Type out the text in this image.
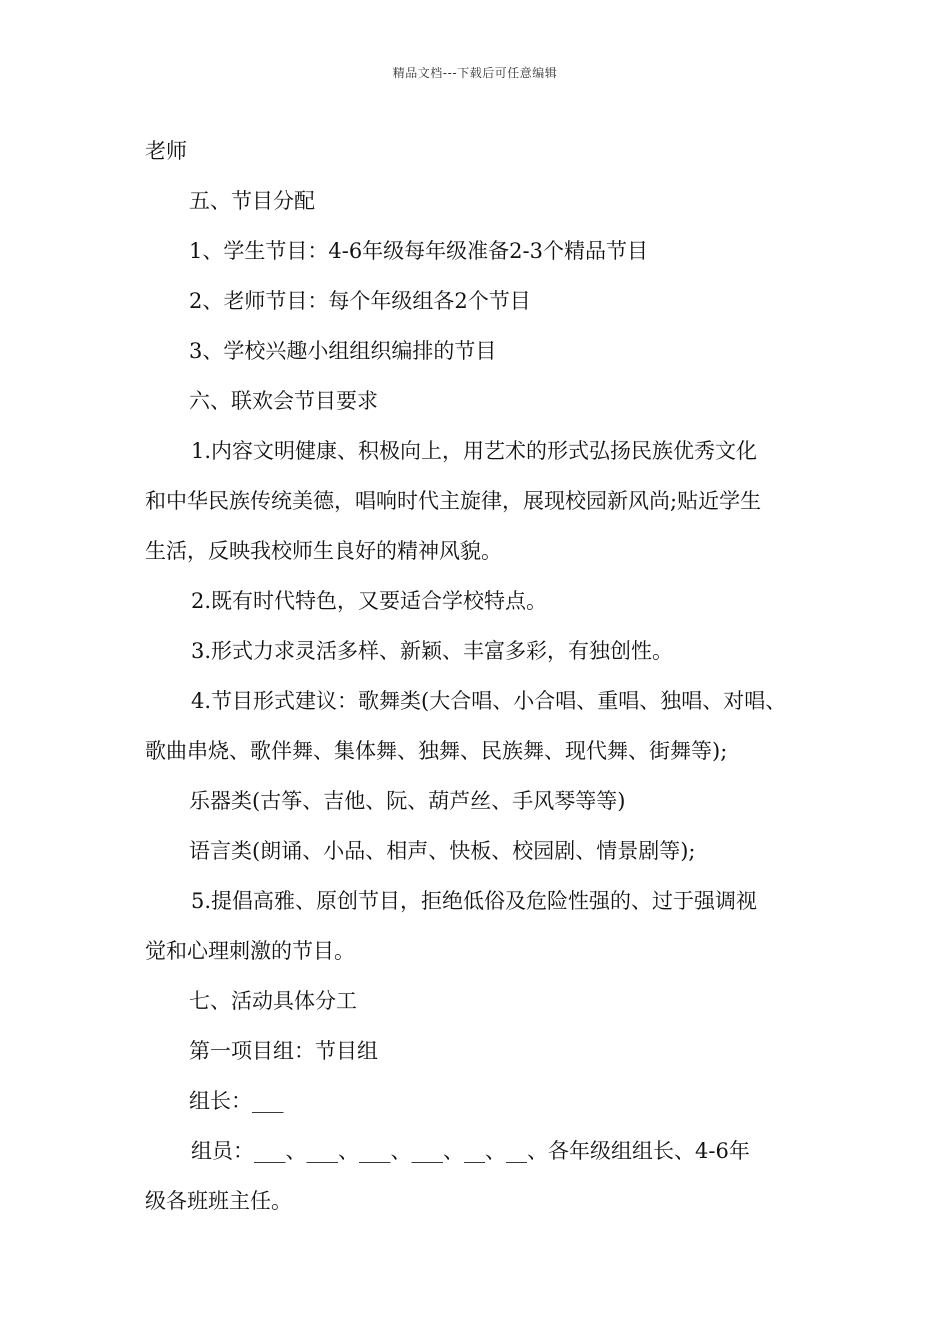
精品文档---下载后可任意编辑
老师
五、节目分配
1、学生节目：4-6年级每年级准备2-3个精品节目
2、老师节目：每个年级组各2个节目
3、学校兴趣小组组织编排的节目
六、联欢会节目要求
1.内容文明健康、积极向上，用艺术的形式弘扬民族优秀文化
和中华民族传统美德，唱响时代主旋律，展现校园新风尚;贴近学生
生活，反映我校师生良好的精神风貌。
2.既有时代特色，又要适合学校特点。
3.形式力求灵活多样、新颖、丰富多彩，有独创性。
4.节目形式建议：歌舞类(大合唱、小合唱、重唱、独唱、对唱、
歌曲串烧、歌伴舞、集体舞、独舞、民族舞、现代舞、街舞等);
乐器类(古筝、吉他、阮、葫芦丝、手风琴等等)
语言类(朗诵、小品、相声、快板、校园剧、情景剧等);
5.提倡高雅、原创节目，拒绝低俗及危险性强的、过于强调视
觉和心理刺激的节目。
七、活动具体分工
第一项目组：节目组
组长：___
组员：___、___、___、___、__、__、各年级组组长、4-6年
级各班班主任。
